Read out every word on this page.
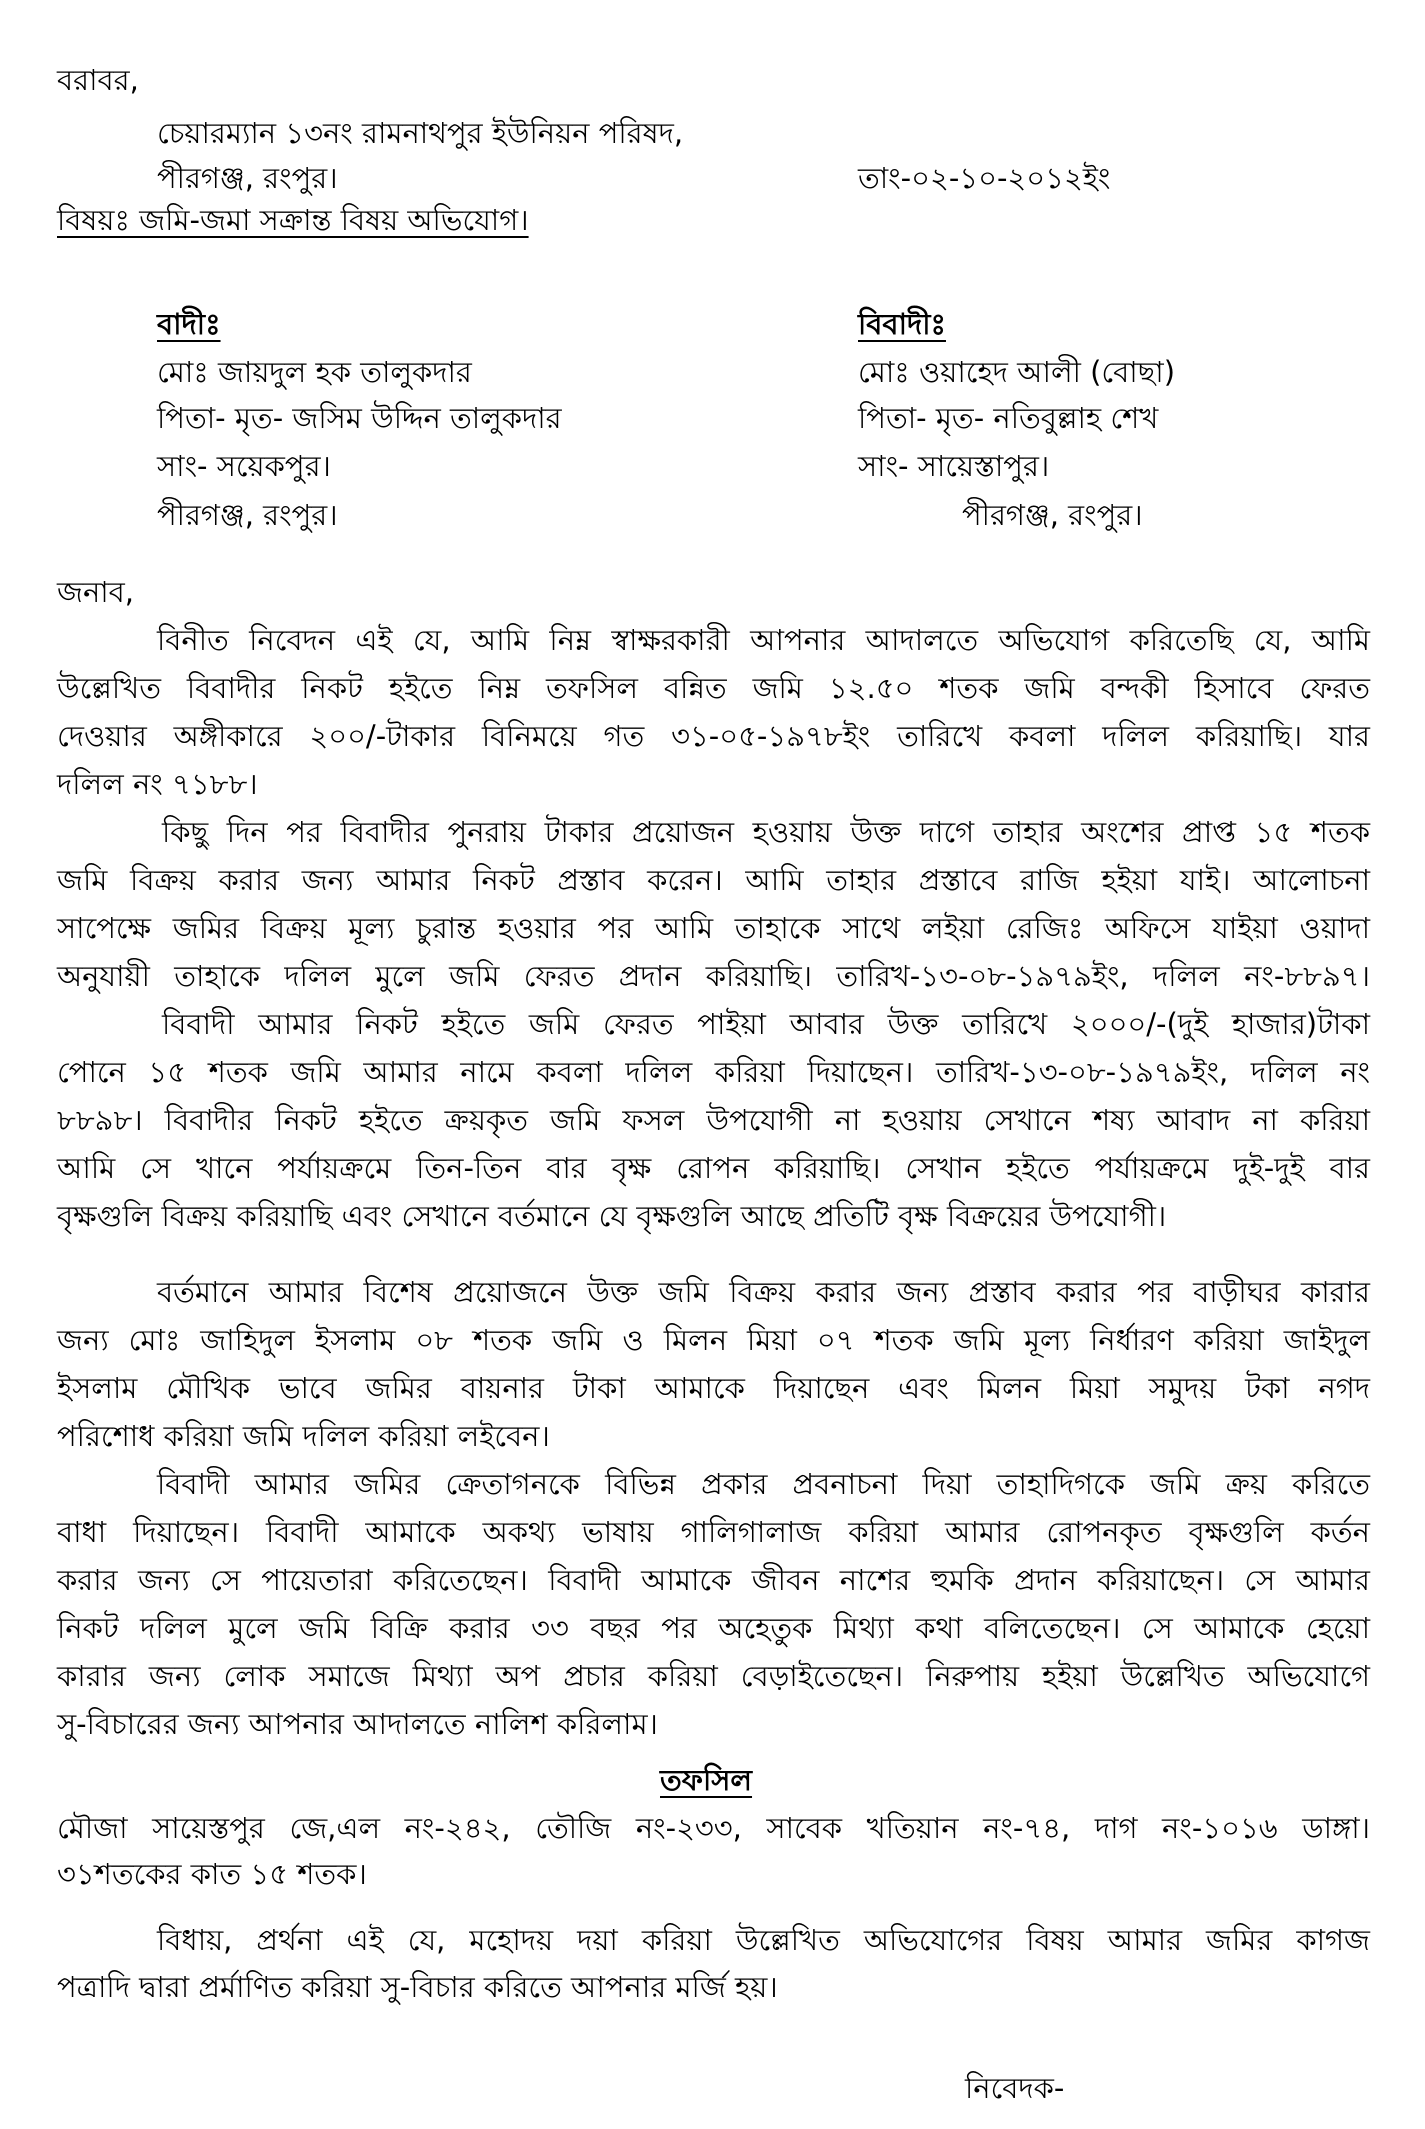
বরাবর,
চেয়ারম্যান ১৩নং রামনাথপুর ইউনিয়ন পরিষদ,
পীরগঞ্জ, রংপুর।	তাং-০২-১০-২০১২ইং
বিষয়ঃ জমি-জমা সক্রান্ত বিষয় অভিযোগ।
বাদীঃ
মোঃ জায়দুল হক তালুকদার
পিতা- মৃত- জসিম উদ্দিন তালুকদার
সাং- সয়েকপুর।
পীরগঞ্জ, রংপুর।
বিবাদীঃ
মোঃ ওয়াহেদ আলী (বোছা)
পিতা- মৃত- নতিবুল্লাহ শেখ
সাং- সায়েস্তাপুর।
পীরগঞ্জ, রংপুর।
জনাব,
বিনীত নিবেদন এই যে, আমি নিম্ন স্বাক্ষরকারী আপনার আদালতে অভিযোগ করিতেছি যে, আমি
উল্লেখিত বিবাদীর নিকট হইতে নিম্ন তফসিল বন্নিত জমি ১২.৫০ শতক জমি বন্দকী হিসাবে ফেরত
দেওয়ার অঙ্গীকারে ২০০/-টাকার বিনিময়ে গত ৩১-০৫-১৯৭৮ইং তারিখে কবলা দলিল করিয়াছি। যার
দলিল নং ৭১৮৮।
কিছু দিন পর বিবাদীর পুনরায় টাকার প্রয়োজন হওয়ায় উক্ত দাগে তাহার অংশের প্রাপ্ত ১৫ শতক
জমি বিক্রয় করার জন্য আমার নিকট প্রস্তাব করেন। আমি তাহার প্রস্তাবে রাজি হইয়া যাই। আলোচনা
সাপেক্ষে জমির বিক্রয় মূল্য চুরান্ত হওয়ার পর আমি তাহাকে সাথে লইয়া রেজিঃ অফিসে যাইয়া ওয়াদা
অনুযায়ী তাহাকে দলিল মুলে জমি ফেরত প্রদান করিয়াছি। তারিখ-১৩-০৮-১৯৭৯ইং, দলিল নং-৮৮৯৭।
বিবাদী আমার নিকট হইতে জমি ফেরত পাইয়া আবার উক্ত তারিখে ২০০০/-(দুই হাজার)টাকা
পোনে ১৫ শতক জমি আমার নামে কবলা দলিল করিয়া দিয়াছেন। তারিখ-১৩-০৮-১৯৭৯ইং, দলিল নং
৮৮৯৮। বিবাদীর নিকট হইতে ক্রয়কৃত জমি ফসল উপযোগী না হওয়ায় সেখানে শষ্য আবাদ না করিয়া
আমি সে খানে পর্যায়ক্রমে তিন-তিন বার বৃক্ষ রোপন করিয়াছি। সেখান হইতে পর্যায়ক্রমে দুই-দুই বার
বৃক্ষগুলি বিক্রয় করিয়াছি এবং সেখানে বর্তমানে যে বৃক্ষগুলি আছে প্রতিটি বৃক্ষ বিক্রয়ের উপযোগী।
বর্তমানে আমার বিশেষ প্রয়োজনে উক্ত জমি বিক্রয় করার জন্য প্রস্তাব করার পর বাড়ীঘর কারার
জন্য মোঃ জাহিদুল ইসলাম ০৮ শতক জমি ও মিলন মিয়া ০৭ শতক জমি মূল্য নির্ধারণ করিয়া জাইদুল
ইসলাম মৌখিক ভাবে জমির বায়নার টাকা আমাকে দিয়াছেন এবং মিলন মিয়া সমুদয় টকা নগদ
পরিশোধ করিয়া জমি দলিল করিয়া লইবেন।
বিবাদী আমার জমির ক্রেতাগনকে বিভিন্ন প্রকার প্রবনাচনা দিয়া তাহাদিগকে জমি ক্রয় করিতে
বাধা দিয়াছেন। বিবাদী আমাকে অকথ্য ভাষায় গালিগালাজ করিয়া আমার রোপনকৃত বৃক্ষগুলি কর্তন
করার জন্য সে পায়েতারা করিতেছেন। বিবাদী আমাকে জীবন নাশের হুমকি প্রদান করিয়াছেন। সে আমার
নিকট দলিল মুলে জমি বিক্রি করার ৩৩ বছর পর অহেতুক মিথ্যা কথা বলিতেছেন। সে আমাকে হেয়ো
কারার জন্য লোক সমাজে মিথ্যা অপ প্রচার করিয়া বেড়াইতেছেন। নিরুপায় হইয়া উল্লেখিত অভিযোগে
সু-বিচারের জন্য আপনার আদালতে নালিশ করিলাম।
তফসিল
মৌজা সায়েস্তপুর জে,এল নং-২৪২, তৌজি নং-২৩৩, সাবেক খতিয়ান নং-৭৪, দাগ নং-১০১৬ ডাঙ্গা।
৩১শতকের কাত ১৫ শতক।
বিধায়, প্রর্থনা এই যে, মহোদয় দয়া করিয়া উল্লেখিত অভিযোগের বিষয় আমার জমির কাগজ
পত্রাদি দ্বারা প্রর্মাণিত করিয়া সু-বিচার করিতে আপনার মর্জি হয়।
নিবেদক-
